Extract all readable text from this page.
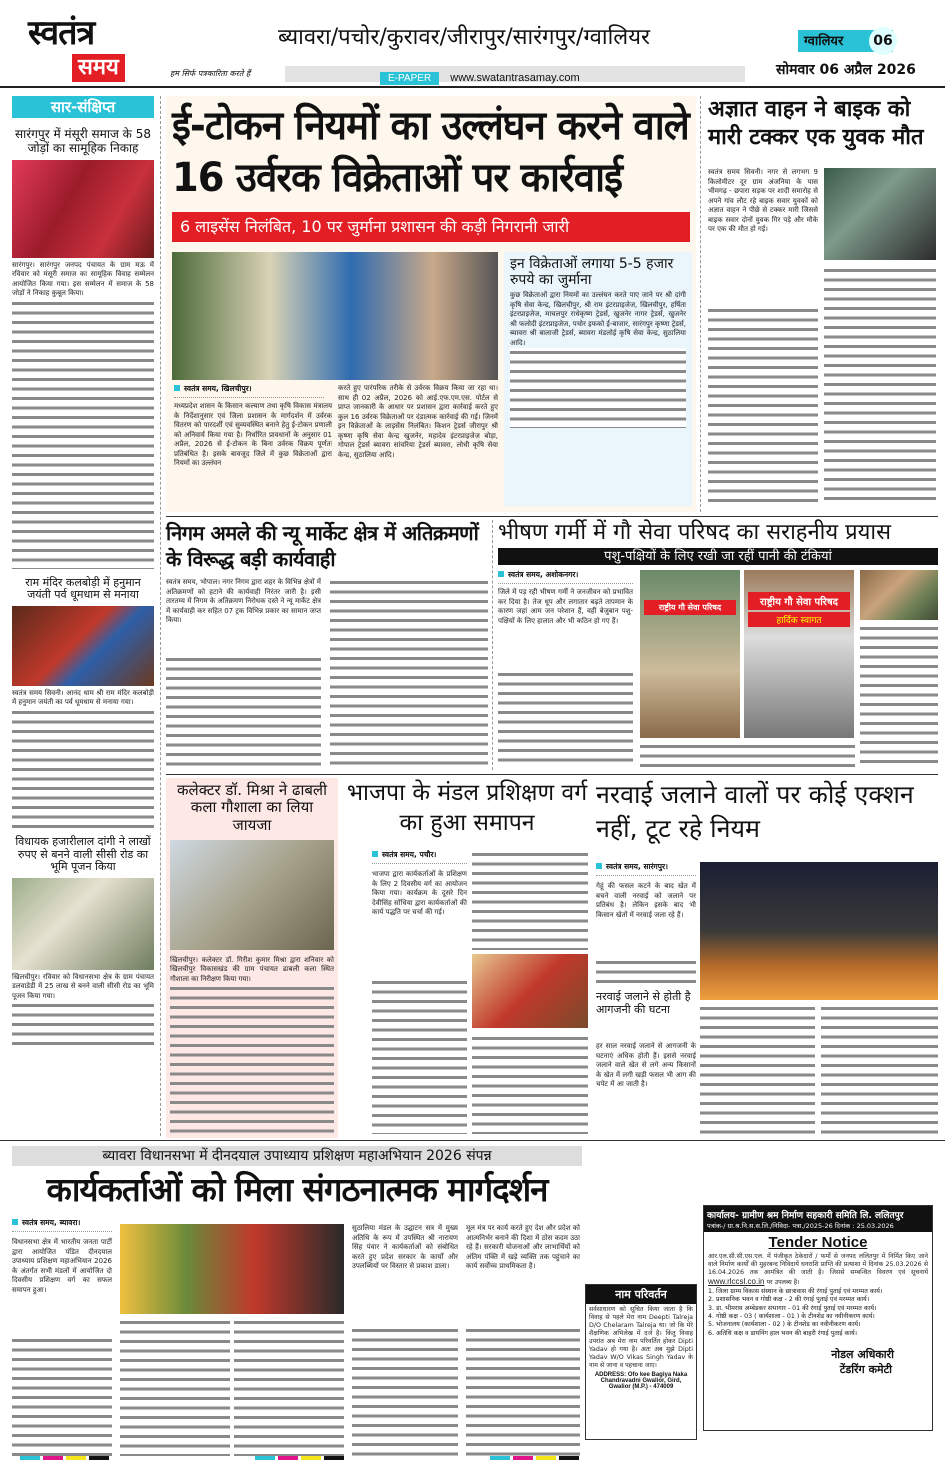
स्वतंत्र
समय	हम सिर्फ पत्रकारिता करते हैं
ब्यावरा/पचोर/कुरावर/जीरापुर/सारंगपुर/ग्वालियर
E-PAPER www.swatantrasamay.com
ग्वालियर	06
सोमवार 06 अप्रैल 2026
सार-संक्षिप्त
सारंगपुर में मंसूरी समाज के 58 जोड़ों का सामूहिक निकाह
सारंगपुर। सारंगपुर जनपद पंचायत के ग्राम मऊ में रविवार को मंसूरी समाज का सामूहिक विवाह सम्मेलन आयोजित किया गया। इस सम्मेलन में समाज के 58 जोड़ों ने निकाह कुबूल किया।
राम मंदिर कलबोड़ी में हनुमान जयंती पर्व धूमधाम से मनाया
स्वतंत्र समय सिवनी। आनंद धाम श्री राम मंदिर कलबोड़ी में हनुमान जयंती का पर्व धूमधाम से मनाया गया।
विधायक हजारीलाल दांगी ने लाखों रुपए से बनने वाली सीसी रोड का भूमि पूजन किया
खिलचीपुर। रविवार को विधानसभा क्षेत्र के ग्राम पंचायत डलवाडेडी में 25 लाख से बनने वाली सीसी रोड का भूमि पूजन किया गया।
ई-टोकन नियमों का उल्लंघन करने वाले 16 उर्वरक विक्रेताओं पर कार्रवाई
6 लाइसेंस निलंबित, 10 पर जुर्माना प्रशासन की कड़ी निगरानी जारी
इन विक्रेताओं लगाया 5-5 हजार रुपये का जुर्माना
कुछ विक्रेताओं द्वारा नियमों का उल्लंघन करते पाए जाने पर श्री दांगी कृषि सेवा केन्द्र, खिलचीपुर, श्री राम इंटरप्राइजेज, खिलचीपुर, हर्षिता इंटरप्राइजेज, माचलपुर राधेकृष्ण ट्रेडर्स, खुजनेर नागर ट्रेडर्स, खुजनेर श्री फलोदी इंटरप्राइजेज, पचोर इफको ई-बाजार, सारंगपुर कृष्णा ट्रेडर्स, ब्यावरा श्री बालाजी ट्रेडर्स, ब्यावरा मंडलोई कृषि सेवा केन्द्र, सुठालिया आदि।
स्वतंत्र समय, खिलचीपुर।
मध्यप्रदेश शासन के किसान कल्याण तथा कृषि विकास मंत्रालय के निर्देशानुसार एवं जिला प्रशासन के मार्गदर्शन में उर्वरक वितरण को पारदर्शी एवं सुव्यवस्थित बनाने हेतु ई-टोकन प्रणाली को अनिवार्य किया गया है। निर्धारित प्रावधानों के अनुसार 01 अप्रैल, 2026 से ई-टोकन के बिना उर्वरक विक्रय पूर्णतः प्रतिबंधित है। इसके बावजूद जिले में कुछ विक्रेताओं द्वारा नियमों का उल्लंघन
करते हुए पारंपरिक तरीके से उर्वरक विक्रय किया जा रहा था। साथ ही 02 अप्रैल, 2026 को आई.एफ.एम.एस. पोर्टल से प्राप्त जानकारी के आधार पर प्रशासन द्वारा कार्रवाई करते हुए कुल 16 उर्वरक विक्रेताओं पर दंडात्मक कार्रवाई की गई। जिनमें इन विक्रेताओं के लाइसेंस निलंबित। किशन ट्रेडर्स जीरापुर श्री कृष्णा कृषि सेवा केन्द्र खुजनेर, महादेव इंटरप्राइजेज बोड़ा, गोपाल ट्रेडर्स ब्यावरा सांवरिया ट्रेडर्स ब्यावरा, लोधी कृषि सेवा केन्द्र, सुठालिया आदि।
अज्ञात वाहन ने बाइक को मारी टक्कर एक युवक मौत
स्वतंत्र समय सिवनी। नगर से लगभग 9 किलोमीटर दूर ग्राम अंजनिया के पास भीमगढ़ - छपारा सड़क पर शादी समारोह से अपने गांव लौट रहे बाइक सवार युवकों को अज्ञात वाहन ने पीछे से टक्कर मारी जिससे बाइक सवार दोनों युवक गिर पड़े और मौके पर एक की मौत हो गई।
निगम अमले की न्यू मार्केट क्षेत्र में अतिक्रमणों के विरूद्ध बड़ी कार्यवाही
स्वतंत्र समय, भोपाल। नगर निगम द्वारा शहर के विभिन्न क्षेत्रों में अतिक्रमणों को हटाने की कार्यवाही निरंतर जारी है। इसी तारतम्य में निगम के अतिक्रमण निरोधक दस्ते ने न्यू मार्केट क्षेत्र में कार्यवाही कर सहित 07 ट्रक विभिन्न प्रकार का सामान जप्त किया।
भीषण गर्मी में गौ सेवा परिषद का सराहनीय प्रयास
पशु-पक्षियों के लिए रखी जा रहीं पानी की टंकियां
स्वतंत्र समय, अशोकनगर।
जिले में पड़ रही भीषण गर्मी ने जनजीवन को प्रभावित कर दिया है। तेज धूप और लगातार बढ़ते तापमान के कारण जहां आम जन परेशान हैं, वहीं बेजुबान पशु-पक्षियों के लिए हालात और भी कठिन हो गए हैं।
राष्ट्रीय गौ सेवा परिषद	राष्ट्रीय गौ सेवा परिषद
हार्दिक स्वागत
कलेक्टर डॉ. मिश्रा ने ढाबली कला गौशाला का लिया जायजा
खिलचीपुर। कलेक्टर डॉ. गिरीश कुमार मिश्रा द्वारा शनिवार को खिलचीपुर विकासखंड की ग्राम पंचायत ढाबली कला स्थित गौशाला का निरीक्षण किया गया।
भाजपा के मंडल प्रशिक्षण वर्ग का हुआ समापन
स्वतंत्र समय, पचौर।
भाजपा द्वारा कार्यकर्ताओं के प्रशिक्षण के लिए 2 दिवसीय वर्ग का आयोजन किया गया। कार्यक्रम के दूसरे दिन देवीसिंह सोंधिया द्वारा कार्यकर्ताओं की कार्य पद्धति पर चर्चा की गई।
नरवाई जलाने वालों पर कोई एक्शन नहीं, टूट रहे नियम
स्वतंत्र समय, सारंगपुर।
गेहूं की फसल कटने के बाद खेत में बचने वाली नरवाई को जलाने पर प्रतिबंध है। लेकिन इसके बाद भी किसान खेतों में नरवाई जला रहे हैं।
नरवाई जलाने से होती है आगजनी की घटना
हर साल नरवाई जलाने से आगजनी के घटनाएं अधिक होती हैं। इससे नरवाई जलाने वाले खेत से लगे अन्य किसानों के खेत में लगी खड़ी फसल भी आग की चपेट में आ जाती है।
ब्यावरा विधानसभा में दीनदयाल उपाध्याय प्रशिक्षण महाअभियान 2026 संपन्न
कार्यकर्ताओं को मिला संगठनात्मक मार्गदर्शन
स्वतंत्र समय, ब्यावरा।
विधानसभा क्षेत्र में भारतीय जनता पार्टी द्वारा आयोजित पंडित दीनदयाल उपाध्याय प्रशिक्षण महाअभियान 2026 के अंतर्गत सभी मंडलों में आयोजित दो दिवसीय प्रशिक्षण वर्ग का सफल समापन हुआ।
सुठालिया मंडल के उद्घाटन सत्र में मुख्य अतिथि के रूप में उपस्थित श्री नारायण सिंह पंवार ने कार्यकर्ताओं को संबोधित करते हुए प्रदेश सरकार के कार्यों और उपलब्धियों पर विस्तार से प्रकाश डाला।
मूल मंत्र पर कार्य करते हुए देश और प्रदेश को आत्मनिर्भर बनाने की दिशा में ठोस कदम उठा रहे हैं। सरकारी योजनाओं और लाभार्थियों को अंतिम पंक्ति में खड़े व्यक्ति तक पहुंचाने का कार्य सर्वोच्च प्राथमिकता है।
नाम परिवर्तन
सर्वसाधारण को सूचित किया जाता है कि विवाह से पहले मेरा नाम Deepti Talreja D/O Chelaram Talreja था। जो कि मेरे शैक्षणिक अभिलेख में दर्ज है। किंतु विवाह उपरांत अब मेरा नाम परिवर्तित होकर Dipti Yadav हो गया है। अतः अब मुझे Dipti Yadav W/O Vikas Singh Yadav के नाम से जाना व पहचाना जाए।
ADDRESS: Ofo kee Bagiya Naka Chandravadni Gwalior, Gird, Gwalior (M.P.) - 474009
कार्यालय- ग्रामीण श्रम निर्माण सहकारी समिति लि. ललितपुर
पत्रांक-/ ग्रा.श्र.नि.स.स.लि./निविदा- पत्रा./2025-26 दिनांक : 25.03.2026
Tender Notice
आर.एल.सी.सी.एस.एल. में पंजीकृत ठेकेदारों / फर्मों से जनपद ललितपुर में निर्मित किए जाने वाले निर्माण कार्यों की मुहरबन्द निविदायें धनराशि प्राप्ति की प्रत्याशा में दिनांक 25.03.2026 से 16.04.2026 तक आमंत्रित की जाती है। जिससे सम्बन्धित विवरण एवं सूचनायें www.rlccsl.co.in पर उपलब्ध है।
1. जिला ग्राम्य विकास संस्थान के छात्रावास की रंगाई पुताई एवं मरम्मत कार्य।
2. प्रशासनिक भवन व गोष्ठी कक्ष - 2 की रंगाई पुताई एवं मरम्मत कार्य।
3. डा. भीमराव अम्बेडकर सभागार - 01 की रंगाई पुताई एवं मरम्मत कार्य।
4. गोष्ठी कक्ष - 03 ( कार्यशाला - 01 ) के टीनशेड का नवीनीकरण कार्य।
5. भोजनालय (कार्यशाला - 02 ) के टीनशेड का नवीनीकरण कार्य।
6. अतिथि कक्ष व डायनिंग हाल भवन की बाहरी रंगाई पुताई कार्य।
नोडल अधिकारी
टेंडरिंग कमेटी
